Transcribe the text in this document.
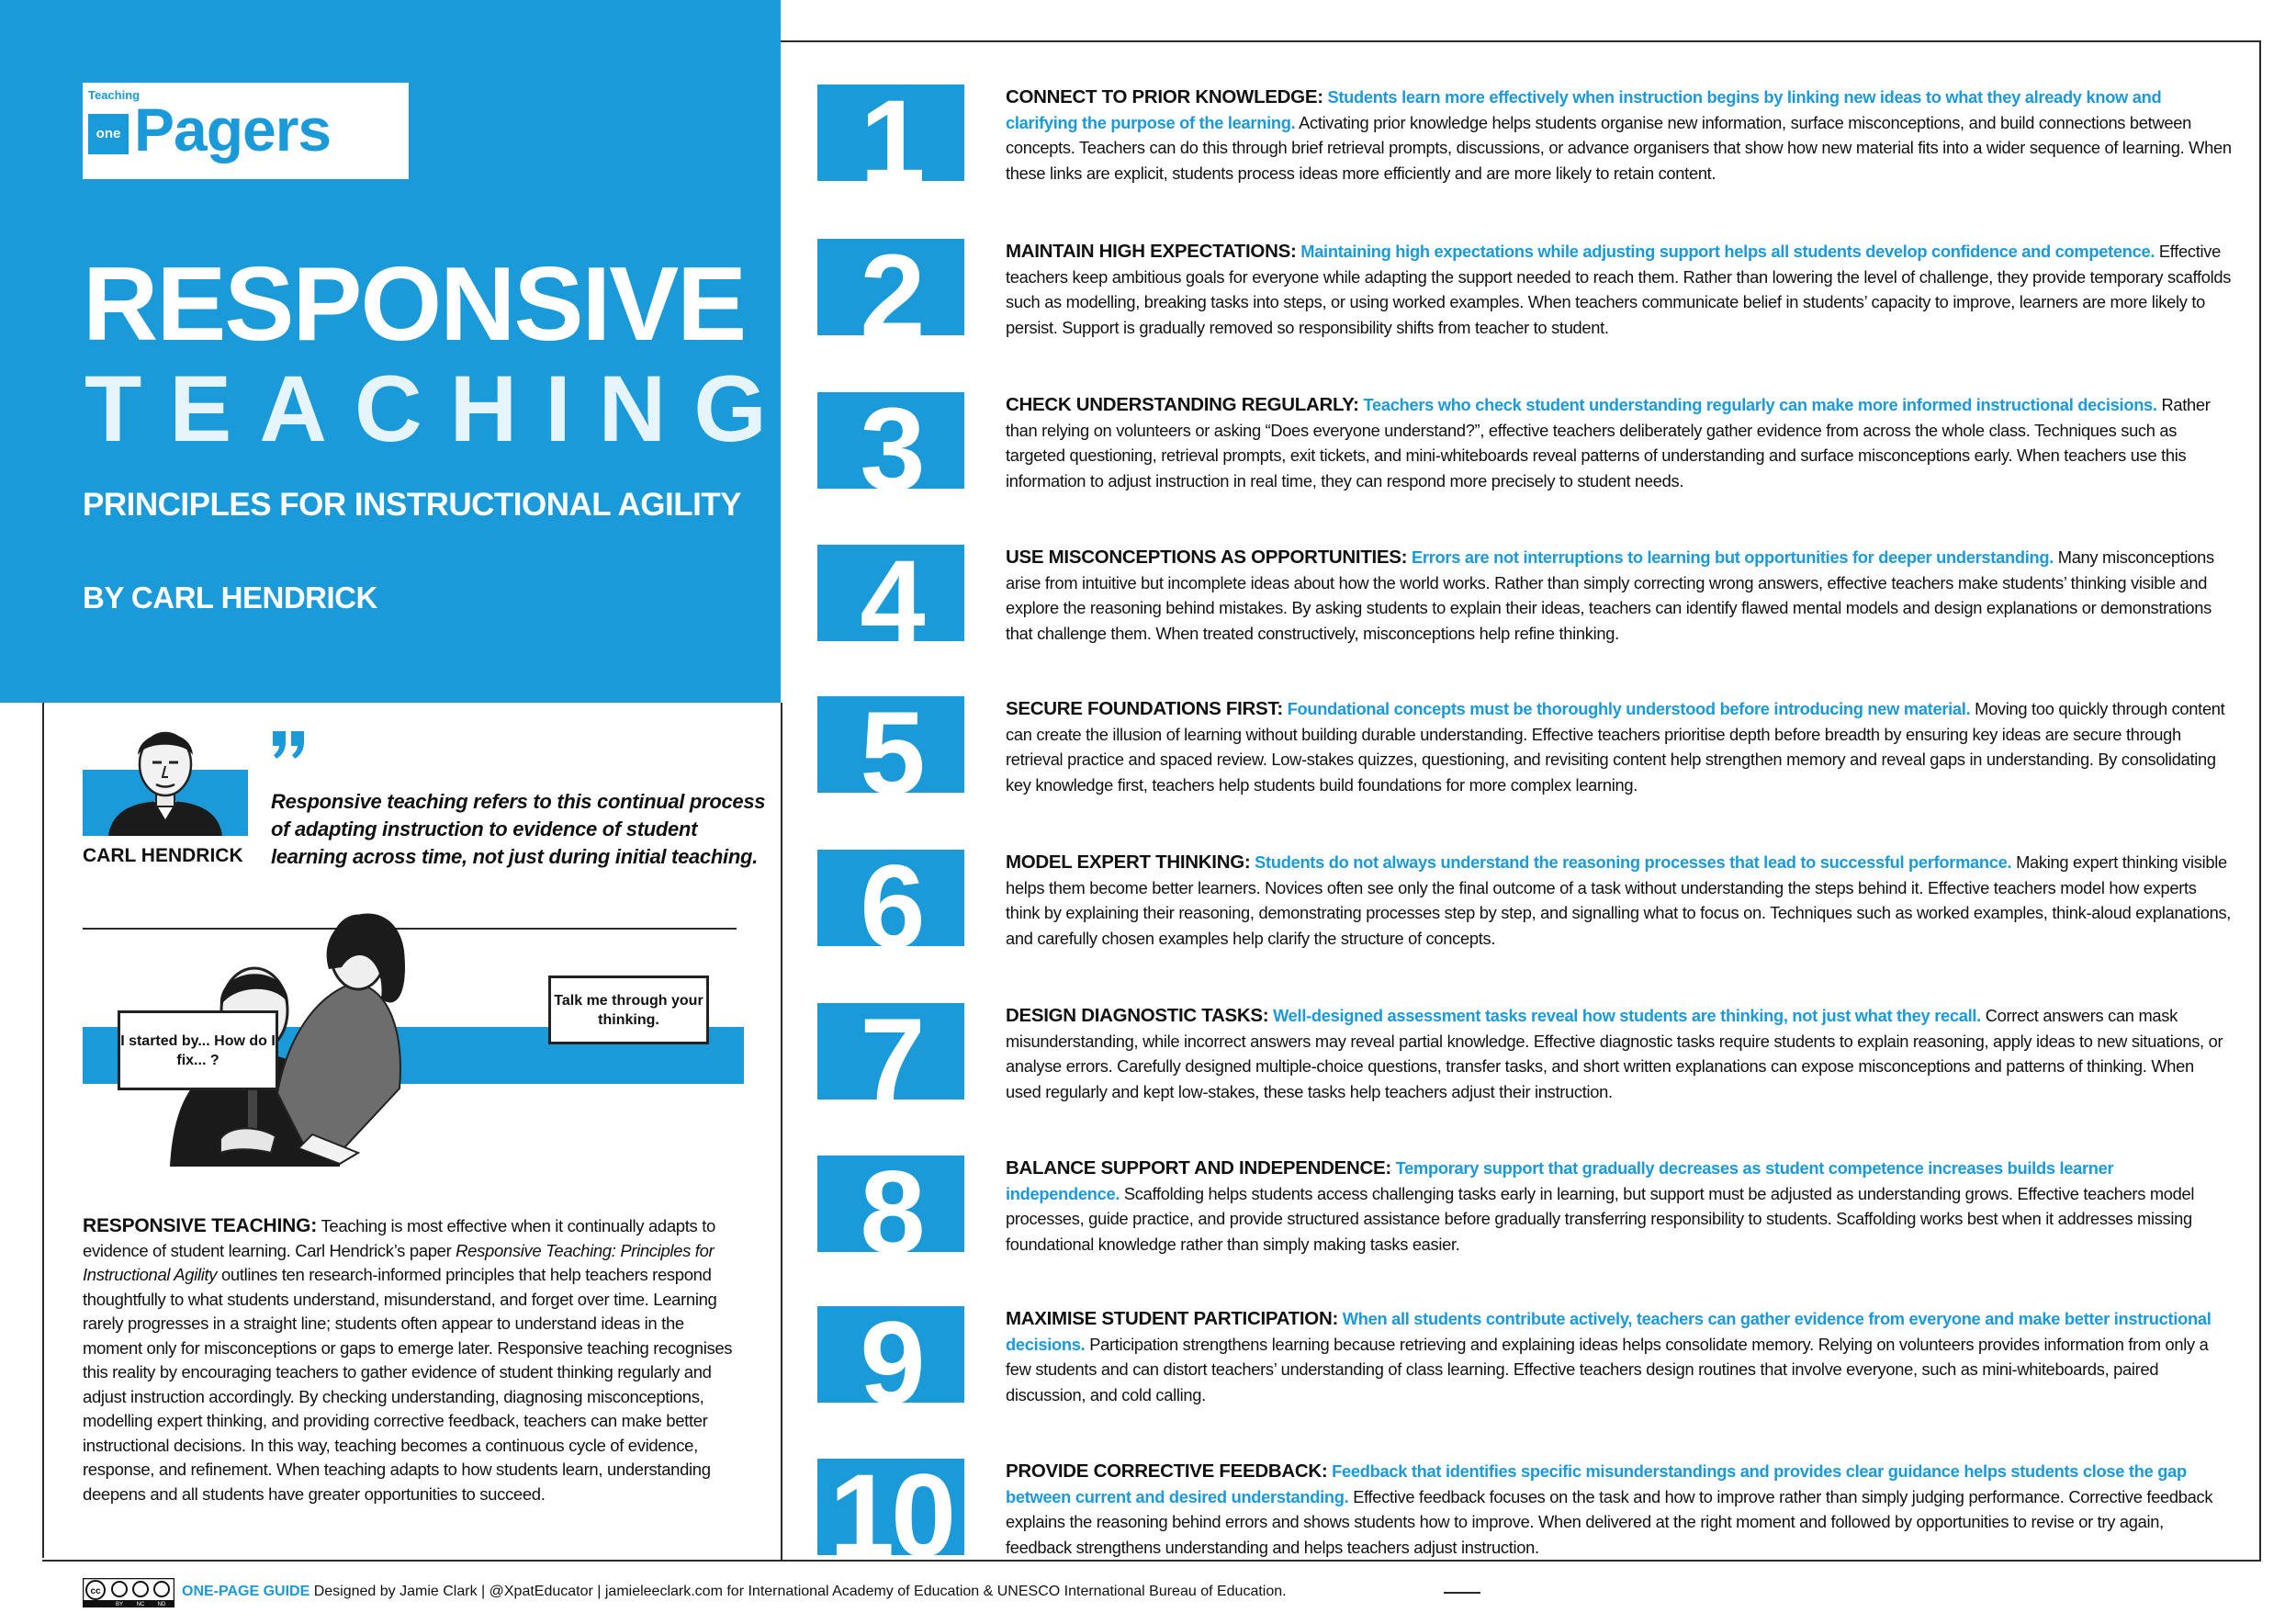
Teaching
one Pagers
RESPONSIVE
TEACHING
PRINCIPLES FOR INSTRUCTIONAL AGILITY
BY CARL HENDRICK
CARL HENDRICK
Responsive teaching refers to this continual process of adapting instruction to evidence of student learning across time, not just during initial teaching.
I started by... How do I fix... ?
Talk me through your thinking.
RESPONSIVE TEACHING: Teaching is most effective when it continually adapts to evidence of student learning. Carl Hendrick’s paper Responsive Teaching: Principles for Instructional Agility outlines ten research-informed principles that help teachers respond thoughtfully to what students understand, misunderstand, and forget over time. Learning rarely progresses in a straight line; students often appear to understand ideas in the moment only for misconceptions or gaps to emerge later. Responsive teaching recognises this reality by encouraging teachers to gather evidence of student thinking regularly and adjust instruction accordingly. By checking understanding, diagnosing misconceptions, modelling expert thinking, and providing corrective feedback, teachers can make better instructional decisions. In this way, teaching becomes a continuous cycle of evidence, response, and refinement. When teaching adapts to how students learn, understanding deepens and all students have greater opportunities to succeed.
1	CONNECT TO PRIOR KNOWLEDGE: Students learn more effectively when instruction begins by linking new ideas to what they already know and clarifying the purpose of the learning. Activating prior knowledge helps students organise new information, surface misconceptions, and build connections between concepts. Teachers can do this through brief retrieval prompts, discussions, or advance organisers that show how new material fits into a wider sequence of learning. When these links are explicit, students process ideas more efficiently and are more likely to retain content.
2	MAINTAIN HIGH EXPECTATIONS: Maintaining high expectations while adjusting support helps all students develop confidence and competence. Effective teachers keep ambitious goals for everyone while adapting the support needed to reach them. Rather than lowering the level of challenge, they provide temporary scaffolds such as modelling, breaking tasks into steps, or using worked examples. When teachers communicate belief in students’ capacity to improve, learners are more likely to persist. Support is gradually removed so responsibility shifts from teacher to student.
3	CHECK UNDERSTANDING REGULARLY: Teachers who check student understanding regularly can make more informed instructional decisions. Rather than relying on volunteers or asking “Does everyone understand?”, effective teachers deliberately gather evidence from across the whole class. Techniques such as targeted questioning, retrieval prompts, exit tickets, and mini-whiteboards reveal patterns of understanding and surface misconceptions early. When teachers use this information to adjust instruction in real time, they can respond more precisely to student needs.
4	USE MISCONCEPTIONS AS OPPORTUNITIES: Errors are not interruptions to learning but opportunities for deeper understanding. Many misconceptions arise from intuitive but incomplete ideas about how the world works. Rather than simply correcting wrong answers, effective teachers make students’ thinking visible and explore the reasoning behind mistakes. By asking students to explain their ideas, teachers can identify flawed mental models and design explanations or demonstrations that challenge them. When treated constructively, misconceptions help refine thinking.
5	SECURE FOUNDATIONS FIRST: Foundational concepts must be thoroughly understood before introducing new material. Moving too quickly through content can create the illusion of learning without building durable understanding. Effective teachers prioritise depth before breadth by ensuring key ideas are secure through retrieval practice and spaced review. Low-stakes quizzes, questioning, and revisiting content help strengthen memory and reveal gaps in understanding. By consolidating key knowledge first, teachers help students build foundations for more complex learning.
6	MODEL EXPERT THINKING: Students do not always understand the reasoning processes that lead to successful performance. Making expert thinking visible helps them become better learners. Novices often see only the final outcome of a task without understanding the steps behind it. Effective teachers model how experts think by explaining their reasoning, demonstrating processes step by step, and signalling what to focus on. Techniques such as worked examples, think-aloud explanations, and carefully chosen examples help clarify the structure of concepts.
7	DESIGN DIAGNOSTIC TASKS: Well-designed assessment tasks reveal how students are thinking, not just what they recall. Correct answers can mask misunderstanding, while incorrect answers may reveal partial knowledge. Effective diagnostic tasks require students to explain reasoning, apply ideas to new situations, or analyse errors. Carefully designed multiple-choice questions, transfer tasks, and short written explanations can expose misconceptions and patterns of thinking. When used regularly and kept low-stakes, these tasks help teachers adjust their instruction.
8	BALANCE SUPPORT AND INDEPENDENCE: Temporary support that gradually decreases as student competence increases builds learner independence. Scaffolding helps students access challenging tasks early in learning, but support must be adjusted as understanding grows. Effective teachers model processes, guide practice, and provide structured assistance before gradually transferring responsibility to students. Scaffolding works best when it addresses missing foundational knowledge rather than simply making tasks easier.
9	MAXIMISE STUDENT PARTICIPATION: When all students contribute actively, teachers can gather evidence from everyone and make better instructional decisions. Participation strengthens learning because retrieving and explaining ideas helps consolidate memory. Relying on volunteers provides information from only a few students and can distort teachers’ understanding of class learning. Effective teachers design routines that involve everyone, such as mini-whiteboards, paired discussion, and cold calling.
10	PROVIDE CORRECTIVE FEEDBACK: Feedback that identifies specific misunderstandings and provides clear guidance helps students close the gap between current and desired understanding. Effective feedback focuses on the task and how to improve rather than simply judging performance. Corrective feedback explains the reasoning behind errors and shows students how to improve. When delivered at the right moment and followed by opportunities to revise or try again, feedback strengthens understanding and helps teachers adjust instruction.
cc
BY NC ND
ONE-PAGE GUIDE Designed by Jamie Clark | @XpatEducator | jamieleeclark.com for International Academy of Education & UNESCO International Bureau of Education.
